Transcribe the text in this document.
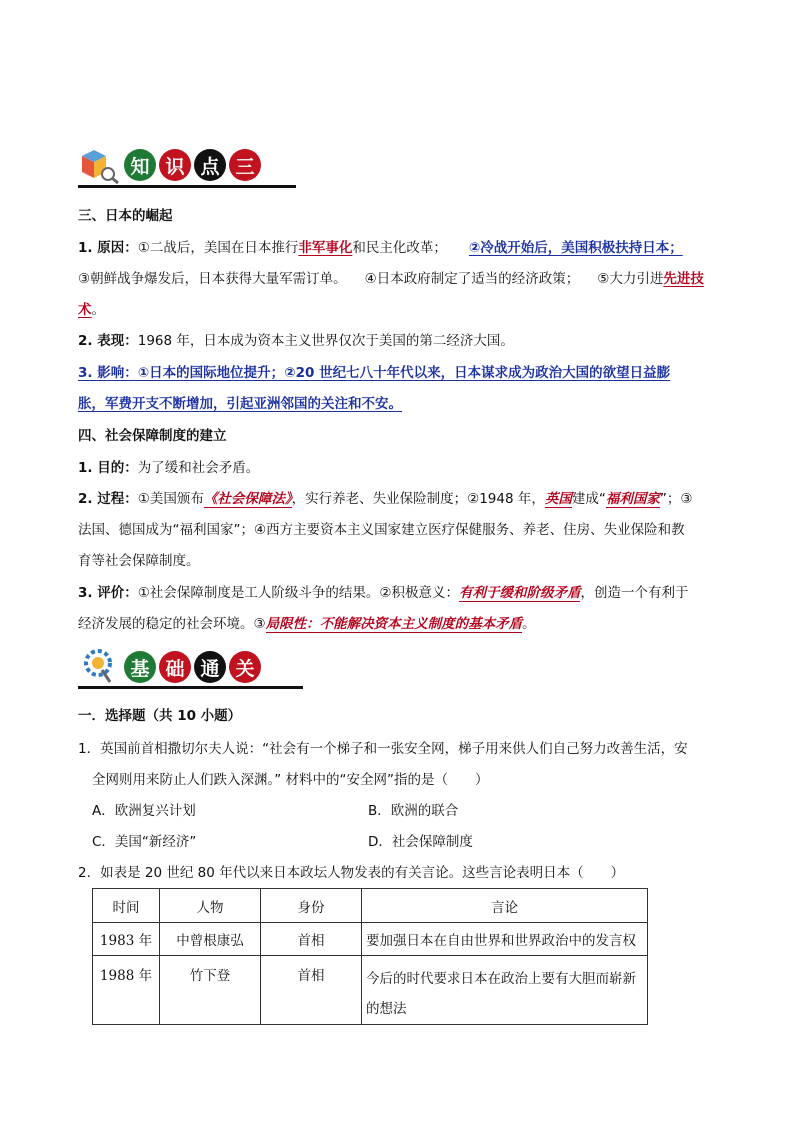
知 识 点 三
三、日本的崛起
1. 原因：①二战后，美国在日本推行非军事化和民主化改革； ②冷战开始后，美国积极扶持日本；
③朝鲜战争爆发后，日本获得大量军需订单。 ④日本政府制定了适当的经济政策； ⑤大力引进先进技
术。
2. 表现：1968 年，日本成为资本主义世界仅次于美国的第二经济大国。
3. 影响：①日本的国际地位提升；②20 世纪七八十年代以来，日本谋求成为政治大国的欲望日益膨
胀，军费开支不断增加，引起亚洲邻国的关注和不安。
四、社会保障制度的建立
1. 目的：为了缓和社会矛盾。
2. 过程：①美国颁布《社会保障法》，实行养老、失业保险制度；②1948 年，英国建成“福利国家”；③
法国、德国成为“福利国家”；④西方主要资本主义国家建立医疗保健服务、养老、住房、失业保险和教
育等社会保障制度。
3. 评价：①社会保障制度是工人阶级斗争的结果。②积极意义：有利于缓和阶级矛盾，创造一个有利于
经济发展的稳定的社会环境。③局限性：不能解决资本主义制度的基本矛盾。
基 础 通 关
一．选择题（共 10 小题）
1．英国前首相撒切尔夫人说：“社会有一个梯子和一张安全网，梯子用来供人们自己努力改善生活，安
全网则用来防止人们跌入深渊。” 材料中的“安全网”指的是（　　）
A．欧洲复兴计划	B．欧洲的联合
C．美国“新经济”	D．社会保障制度
2．如表是 20 世纪 80 年代以来日本政坛人物发表的有关言论。这些言论表明日本（　　）
时间	人物	身份	言论
1983 年	中曾根康弘	首相	要加强日本在自由世界和世界政治中的发言权
1988 年	竹下登	首相	今后的时代要求日本在政治上要有大胆而崭新的想法
